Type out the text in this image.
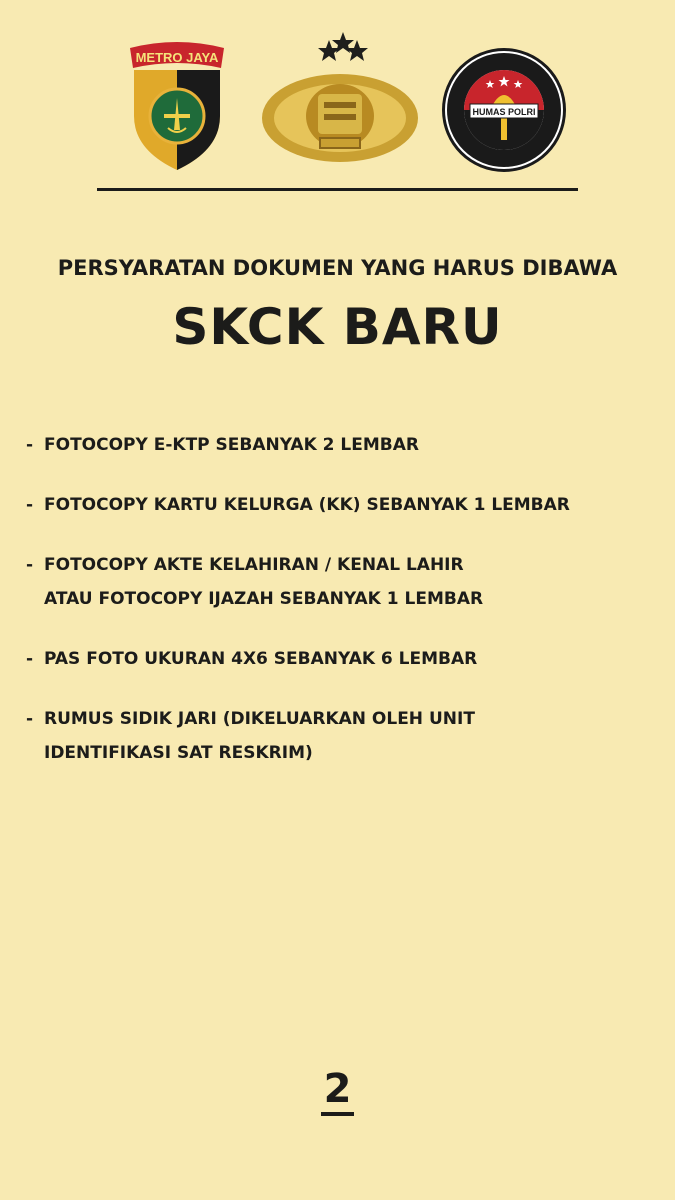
METRO JAYA
HUMAS POLRI
PERSYARATAN DOKUMEN YANG HARUS DIBAWA
SKCK BARU
- FOTOCOPY E-KTP SEBANYAK 2 LEMBAR
- FOTOCOPY KARTU KELURGA (KK) SEBANYAK 1 LEMBAR
- FOTOCOPY AKTE KELAHIRAN / KENAL LAHIR
ATAU FOTOCOPY IJAZAH SEBANYAK 1 LEMBAR
- PAS FOTO UKURAN 4X6 SEBANYAK 6 LEMBAR
- RUMUS SIDIK JARI (DIKELUARKAN OLEH UNIT
IDENTIFIKASI SAT RESKRIM)
2
